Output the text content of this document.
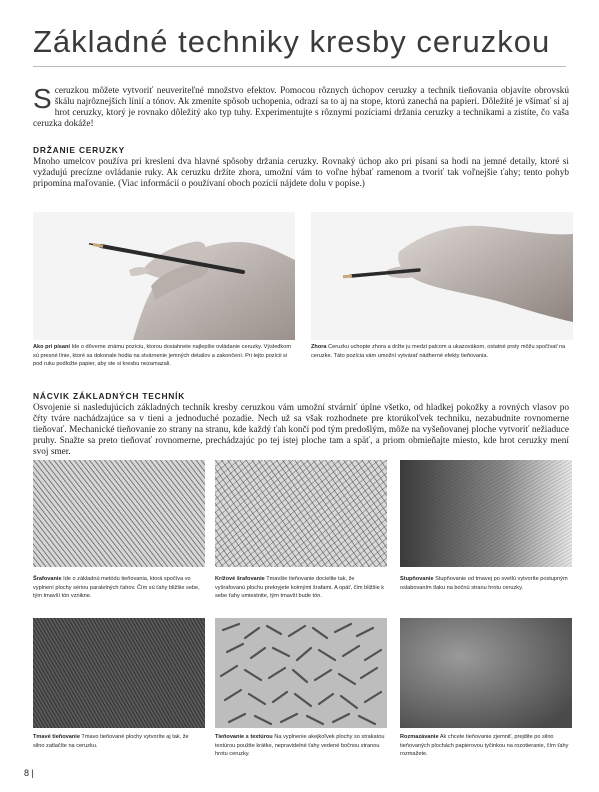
Základné techniky kresby ceruzkou

Sceruzkou môžete vytvoriť neuveriteľné množstvo efektov. Pomocou rôznych úchopov ceruzky a techník tieňovania objavíte obrovskú škálu najrôznejších línií a tónov. Ak zmeníte spôsob uchopenia, odrazí sa to aj na stope, ktorú zanechá na papieri. Dôležité je všímať si aj hrot ceruzky, ktorý je rovnako dôležitý ako typ tuhy. Experimentujte s rôznymi pozíciami držania ceruzky a technikami a zistíte, čo vaša ceruzka dokáže!

DRŽANIE CERUZKY

Mnoho umelcov používa pri kreslení dva hlavné spôsoby držania ceruzky. Rovnaký úchop ako pri písaní sa hodí na jemné detaily, ktoré si vyžadujú precízne ovládanie ruky. Ak ceruzku držíte zhora, umožní vám to voľne hýbať ramenom a tvoriť tak voľnejšie ťahy; tento pohyb pripomína maľovanie. (Viac informácií o používaní oboch pozícií nájdete dolu v popise.)

Ako pri písaní Ide o dôverne známu pozíciu, ktorou dosiahnete najlepšie ovládanie ceruzky. Výsledkom sú presné línie, ktoré sa dokonale hodia na stvárnenie jemných detailov a zakončení. Pri tejto pozícii si pod ruku podložte papier, aby ste si kresbu nezamazali.

Zhora Ceruzku uchopte zhora a držte ju medzi palcom a ukazovákom, ostatné prsty môžu spočívať na ceruzke. Táto pozícia vám umožní vytvárať nádherné efekty tieňovania.

NÁCVIK ZÁKLADNÝCH TECHNÍK

Osvojenie si nasledujúcich základných techník kresby ceruzkou vám umožní stvárniť úplne všetko, od hladkej pokožky a rovných vlasov po čŕty tváre nachádzajúce sa v tieni a jednoduché pozadie. Nech už sa však rozhodnete pre ktorúkoľvek techniku, nezabudnite rovnomerne tieňovať. Mechanické tieňovanie zo strany na stranu, kde každý ťah končí pod tým predošlým, môže na vyšeňovanej ploche vytvoriť nežiaduce pruhy. Snažte sa preto tieňovať rovnomerne, prechádzajúc po tej istej ploche tam a späť, a priom obmieňajte miesto, kde hrot ceruzky mení svoj smer.

Šrafovanie Ide o základnú metódu tieňovania, ktorá spočíva vo vyplnení plochy sériou paralelných ťahov. Čím sú ťahy bližšie sebe, tým tmavší tón vznikne.

Krížové šrafovanie Tmavšie tieňovanie docielite tak, že vyšrafovanú plochu prekryjete kolmými šrafami. A opäť, čím bližšie k sebe ťahy umiestnite, tým tmavší bude tón.

Stupňovanie Stupňovanie od tmavej po svetlú vytvoríte postupným oslabovaním tlaku na bočnú stranu hrotu ceruzky.

Tmavé tieňovanie Tmavo tieňované plochy vytvoríte aj tak, že silno zatlačíte na ceruzku.

Tieňovanie s textúrou Na vyplnenie akejkoľvek plochy so strakatou textúrou použite krátke, nepravidelné ťahy vedené bočnou stranou hrotu ceruzky.

Rozmazávanie Ak chcete tieňovanie zjemniť, prejdite po silno tieňovaných plochách papierovou tyčinkou na rozotieranie, čím ťahy rozmažete.

8 |
